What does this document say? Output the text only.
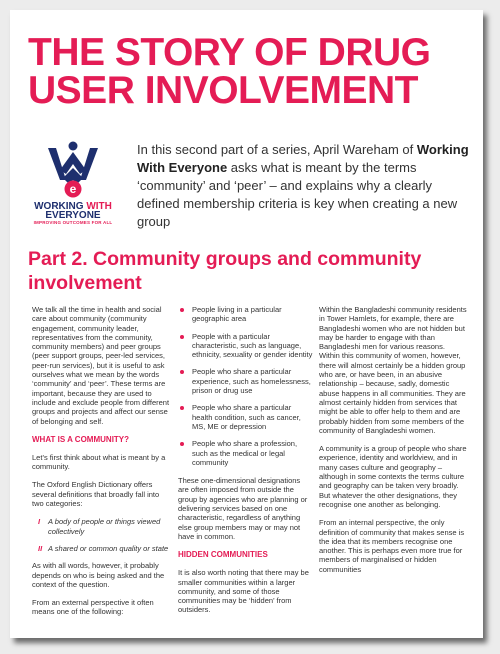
THE STORY OF DRUG USER INVOLVEMENT
e
WORKING WITH
EVERYONE
IMPROVING OUTCOMES FOR ALL

In this second part of a series, April Wareham of Working With Everyone asks what is meant by the terms ‘community’ and ‘peer’ – and explains why a clearly defined membership criteria is key when creating a new group

Part 2. Community groups and community involvement

We talk all the time in health and social care about community (community engagement, community leader, representatives from the community, community members) and peer groups (peer support groups, peer-led services, peer-run services), but it is useful to ask ourselves what we mean by the words ‘community’ and ‘peer’. These terms are important, because they are used to include and exclude people from different groups and projects and affect our sense of belonging and self.

WHAT IS A COMMUNITY?

Let’s first think about what is meant by a community.

The Oxford English Dictionary offers several definitions that broadly fall into two categories:

I	A body of people or things viewed collectively
II A shared or common quality or state

As with all words, however, it probably depends on who is being asked and the context of the question.

From an external perspective it often means one of the following:

People living in a particular geographic area
People with a particular characteristic, such as language, ethnicity, sexuality or gender identity
People who share a particular experience, such as homelessness, prison or drug use
People who share a particular health condition, such as cancer, MS, ME or depression
People who share a profession, such as the medical or legal community

These one-dimensional designations are often imposed from outside the group by agencies who are planning or delivering services based on one characteristic, regardless of anything else group members may or may not have in common.

HIDDEN COMMUNITIES

It is also worth noting that there may be smaller communities within a larger community, and some of those communities may be ‘hidden’ from outsiders.

Within the Bangladeshi community residents in Tower Hamlets, for example, there are Bangladeshi women who are not hidden but may be harder to engage with than Bangladeshi men for various reasons. Within this community of women, however, there will almost certainly be a hidden group who are, or have been, in an abusive relationship – because, sadly, domestic abuse happens in all communities. They are almost certainly hidden from services that might be able to offer help to them and are probably hidden from some members of the community of Bangladeshi women.

A community is a group of people who share experience, identity and worldview, and in many cases culture and geography – although in some contexts the terms culture and geography can be taken very broadly. But whatever the other designations, they recognise one another as belonging.

From an internal perspective, the only definition of community that makes sense is the idea that its members recognise one another. This is perhaps even more true for members of marginalised or hidden communities
